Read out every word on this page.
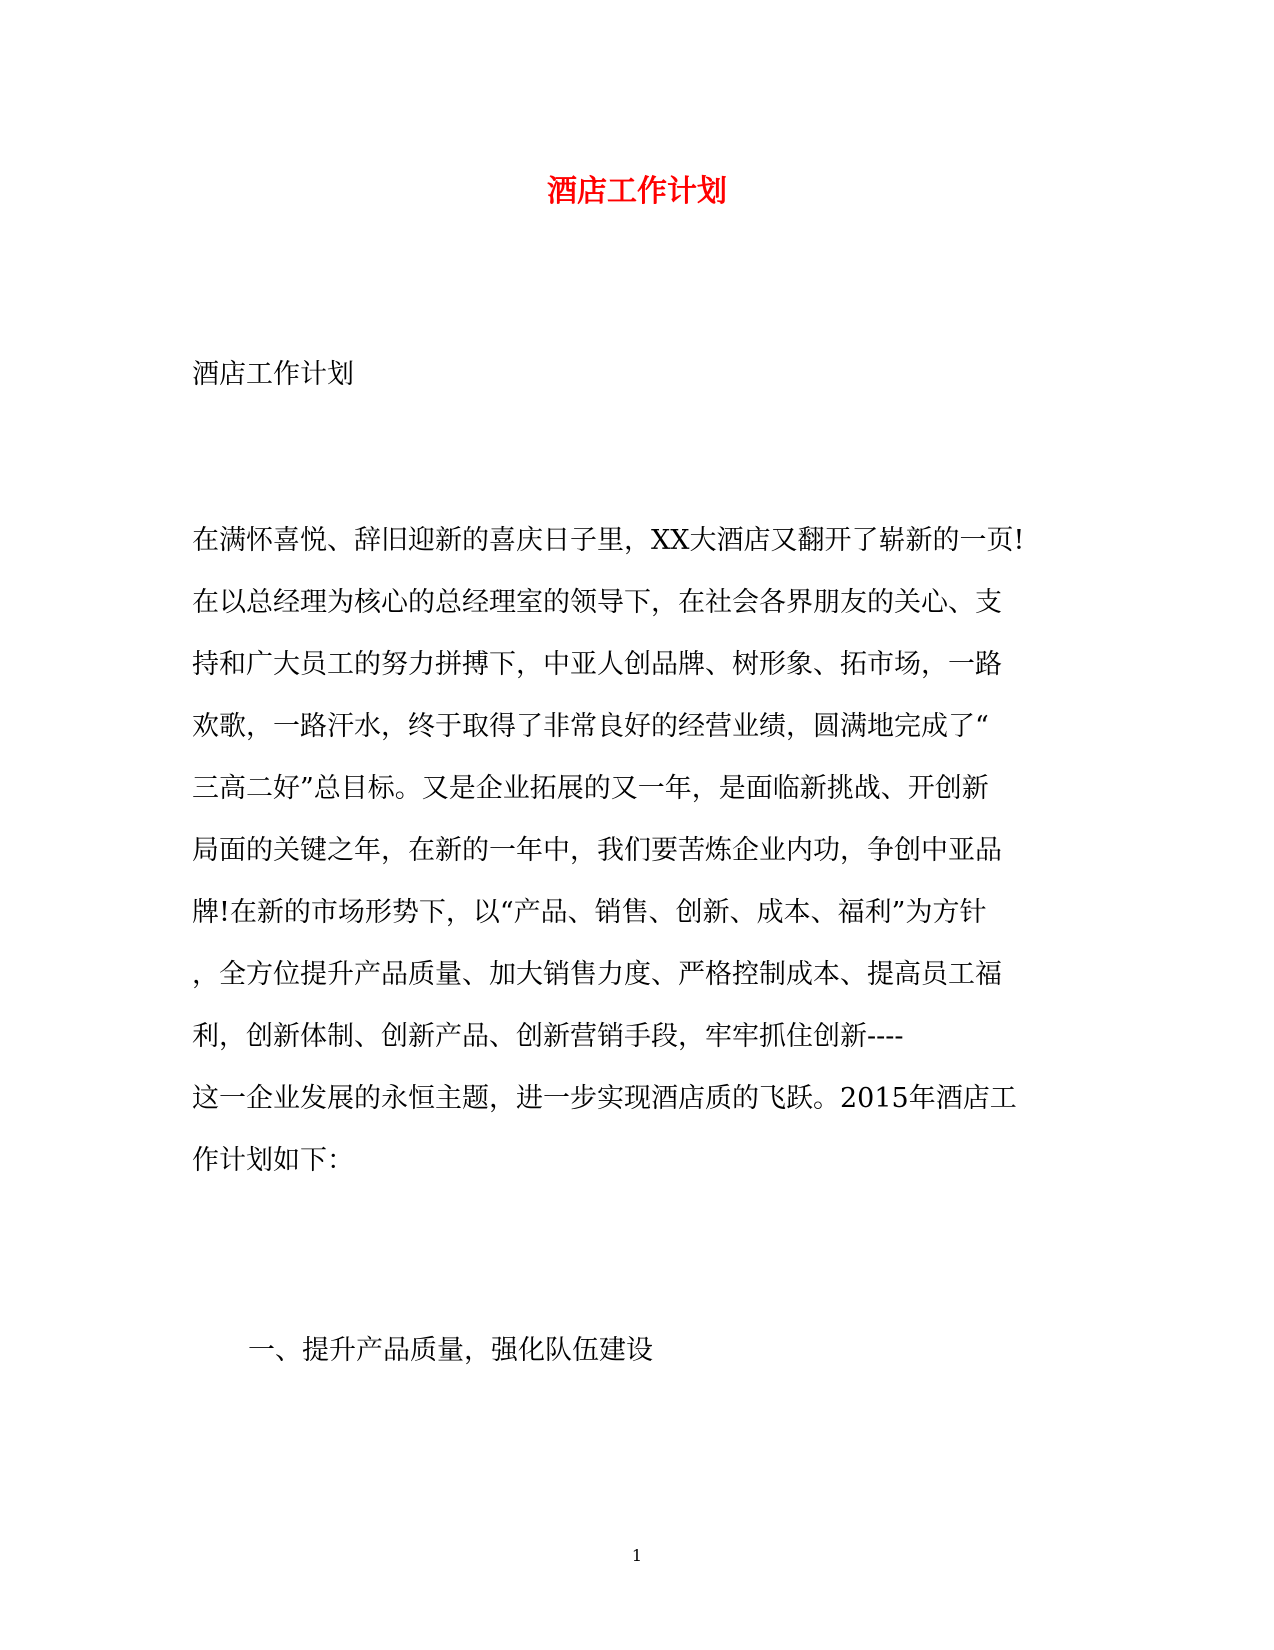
酒店工作计划
酒店工作计划
在满怀喜悦、辞旧迎新的喜庆日子里，XX大酒店又翻开了崭新的一页!
在以总经理为核心的总经理室的领导下，在社会各界朋友的关心、支
持和广大员工的努力拼搏下，中亚人创品牌、树形象、拓市场，一路
欢歌，一路汗水，终于取得了非常良好的经营业绩，圆满地完成了“
三高二好”总目标。又是企业拓展的又一年，是面临新挑战、开创新
局面的关键之年，在新的一年中，我们要苦炼企业内功，争创中亚品
牌!在新的市场形势下，以“产品、销售、创新、成本、福利”为方针
，全方位提升产品质量、加大销售力度、严格控制成本、提高员工福
利，创新体制、创新产品、创新营销手段，牢牢抓住创新----
这一企业发展的永恒主题，进一步实现酒店质的飞跃。2015年酒店工
作计划如下：
一、提升产品质量，强化队伍建设
1
